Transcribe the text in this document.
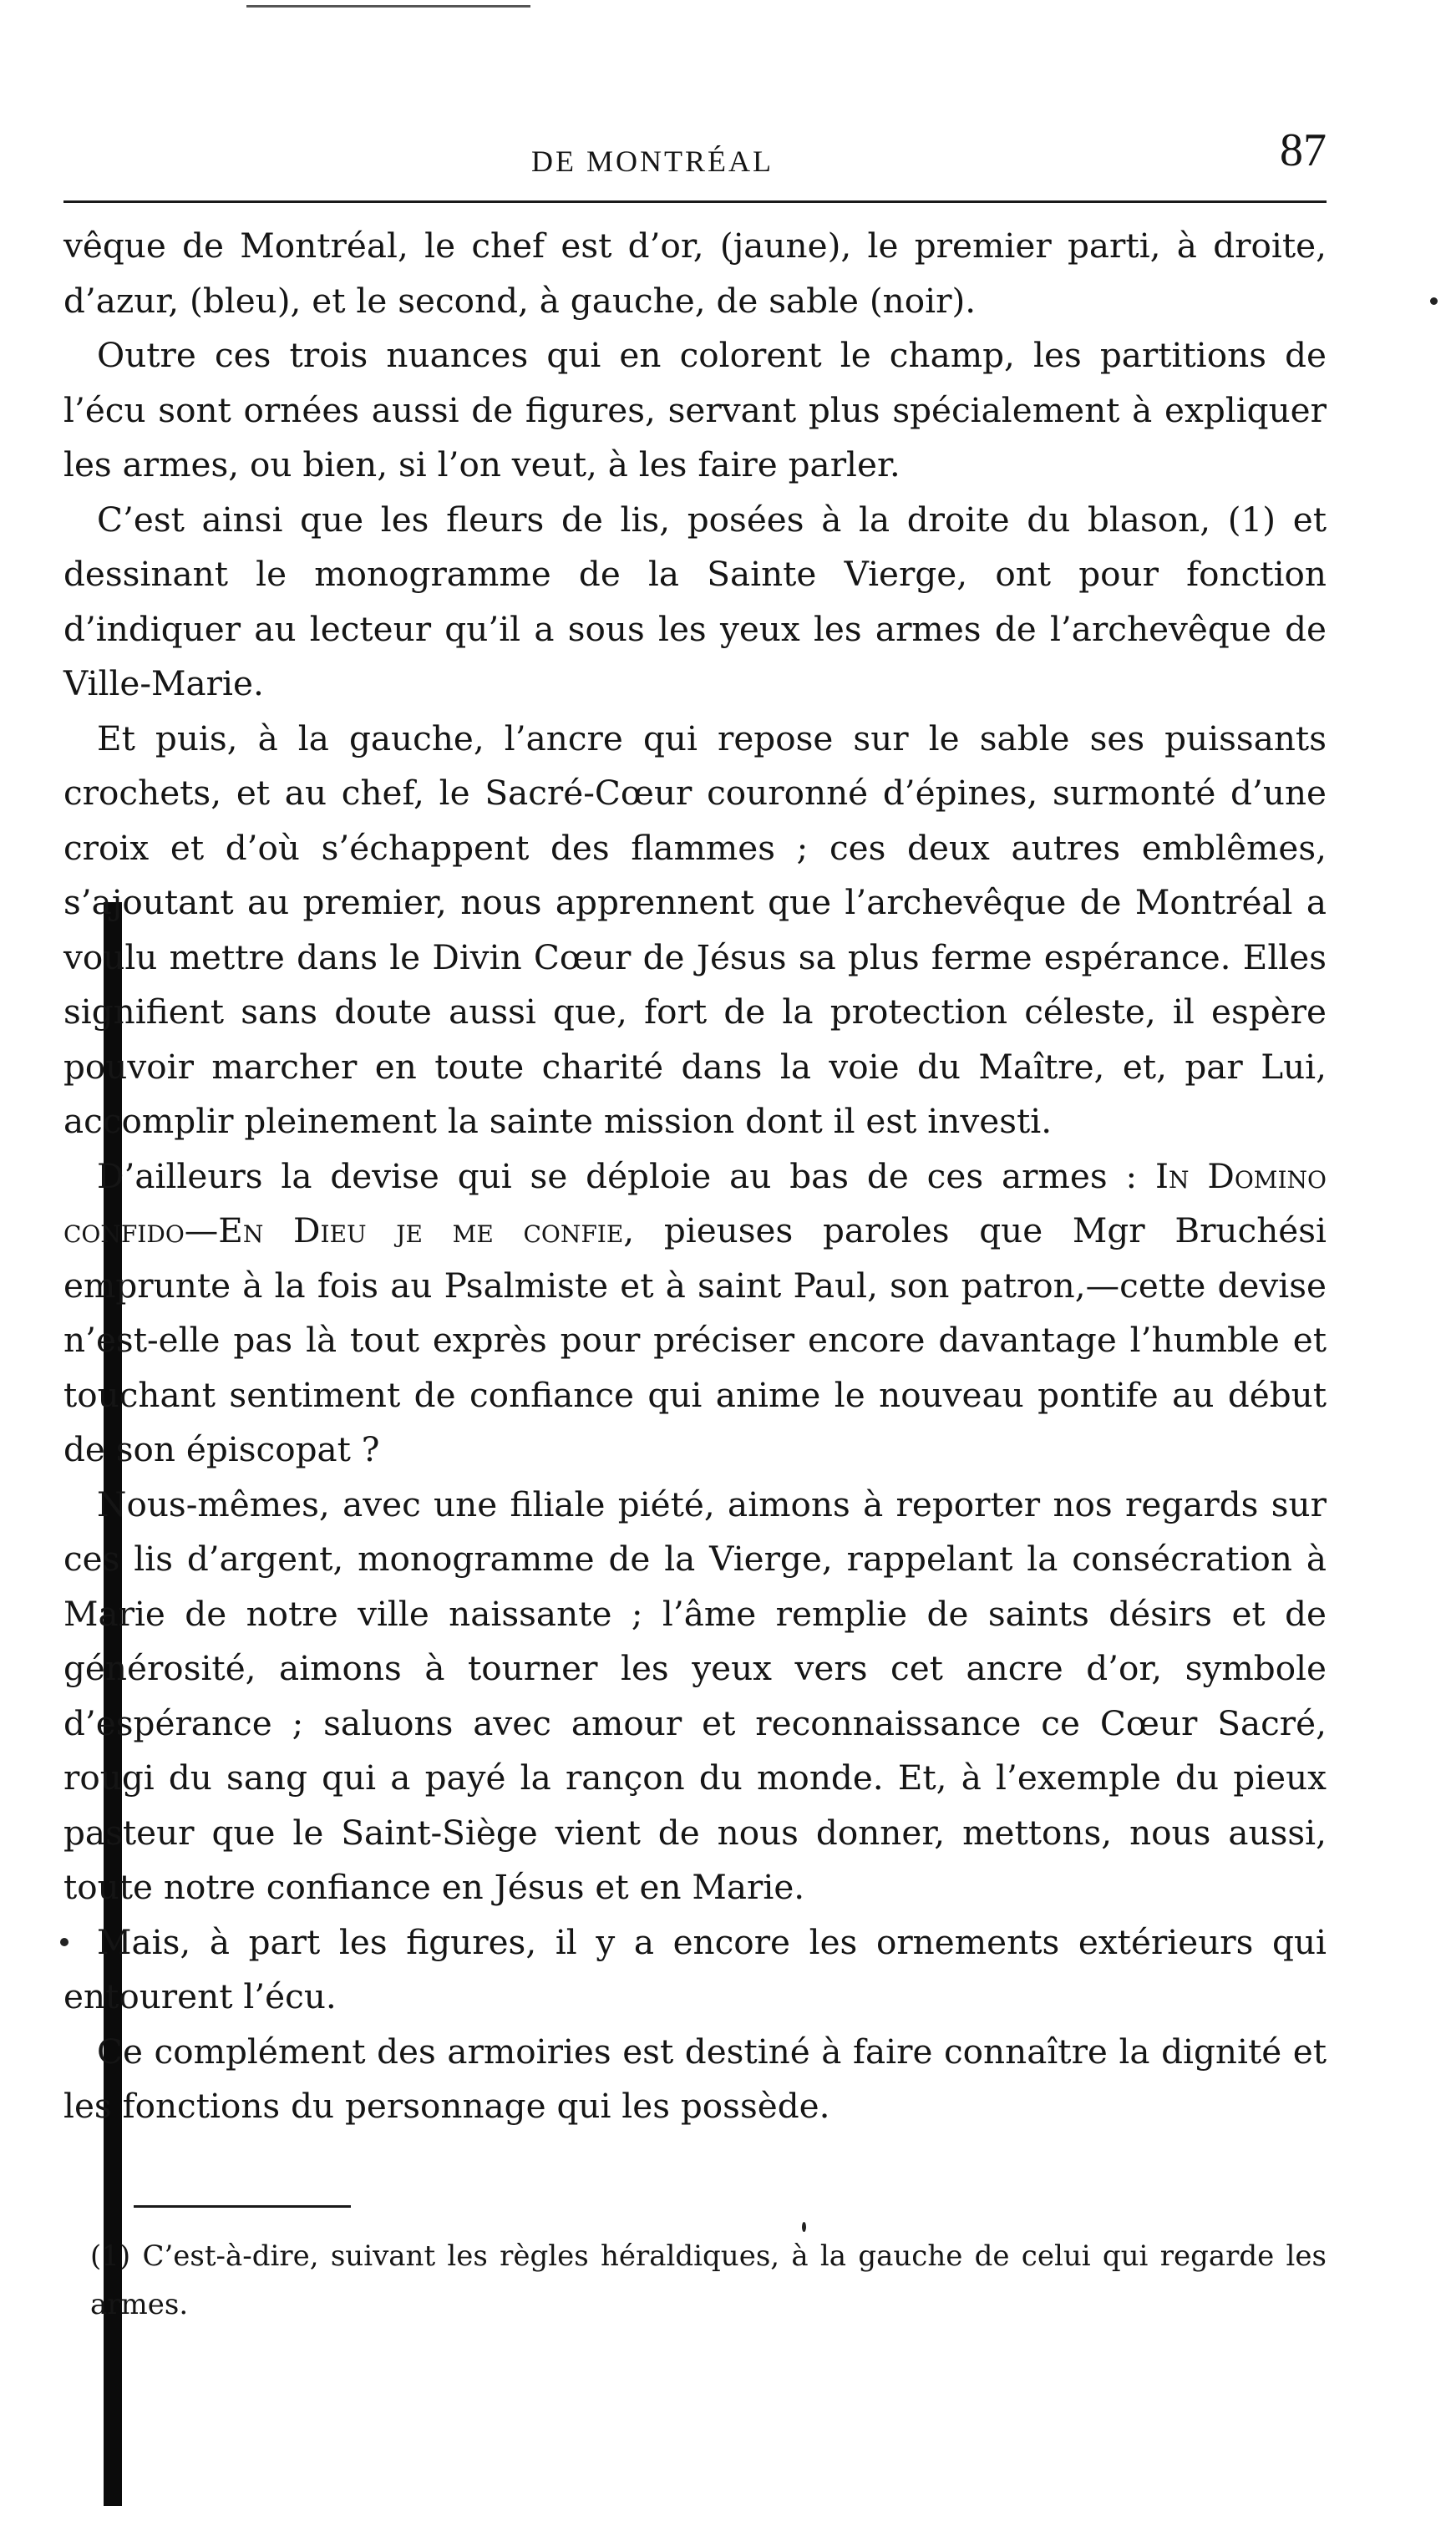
DE MONTRÉAL	87

vêque de Montréal, le chef est d’or, (jaune), le premier parti, à droite, d’azur, (bleu), et le second, à gauche, de sable (noir).

Outre ces trois nuances qui en colorent le champ, les partitions de l’écu sont ornées aussi de figures, servant plus spécialement à expliquer les armes, ou bien, si l’on veut, à les faire parler.

C’est ainsi que les fleurs de lis, posées à la droite du blason, (1) et dessinant le monogramme de la Sainte Vierge, ont pour fonction d’indiquer au lecteur qu’il a sous les yeux les armes de l’archevêque de Ville-Marie.

Et puis, à la gauche, l’ancre qui repose sur le sable ses puissants crochets, et au chef, le Sacré-Cœur couronné d’épines, surmonté d’une croix et d’où s’échappent des flammes ; ces deux autres emblêmes, s’ajoutant au premier, nous apprennent que l’archevêque de Montréal a voulu mettre dans le Divin Cœur de Jésus sa plus ferme espérance. Elles signifient sans doute aussi que, fort de la protection céleste, il espère pouvoir marcher en toute charité dans la voie du Maître, et, par Lui, accomplir pleinement la sainte mission dont il est investi.

D’ailleurs la devise qui se déploie au bas de ces armes : In Domino confido—En Dieu je me confie, pieuses paroles que Mgr Bruchési emprunte à la fois au Psalmiste et à saint Paul, son patron,—cette devise n’est-elle pas là tout exprès pour préciser encore davantage l’humble et touchant sentiment de confiance qui anime le nouveau pontife au début de son épiscopat ?

Nous-mêmes, avec une filiale piété, aimons à reporter nos regards sur ces lis d’argent, monogramme de la Vierge, rappelant la consécration à Marie de notre ville naissante ; l’âme remplie de saints désirs et de générosité, aimons à tourner les yeux vers cet ancre d’or, symbole d’espérance ; saluons avec amour et reconnaissance ce Cœur Sacré, rougi du sang qui a payé la rançon du monde. Et, à l’exemple du pieux pasteur que le Saint-Siège vient de nous donner, mettons, nous aussi, toute notre confiance en Jésus et en Marie.

Mais, à part les figures, il y a encore les ornements extérieurs qui entourent l’écu.

Ce complément des armoiries est destiné à faire connaître la dignité et les fonctions du personnage qui les possède.

(1) C’est-à-dire, suivant les règles héraldiques, à la gauche de celui qui regarde les armes.
